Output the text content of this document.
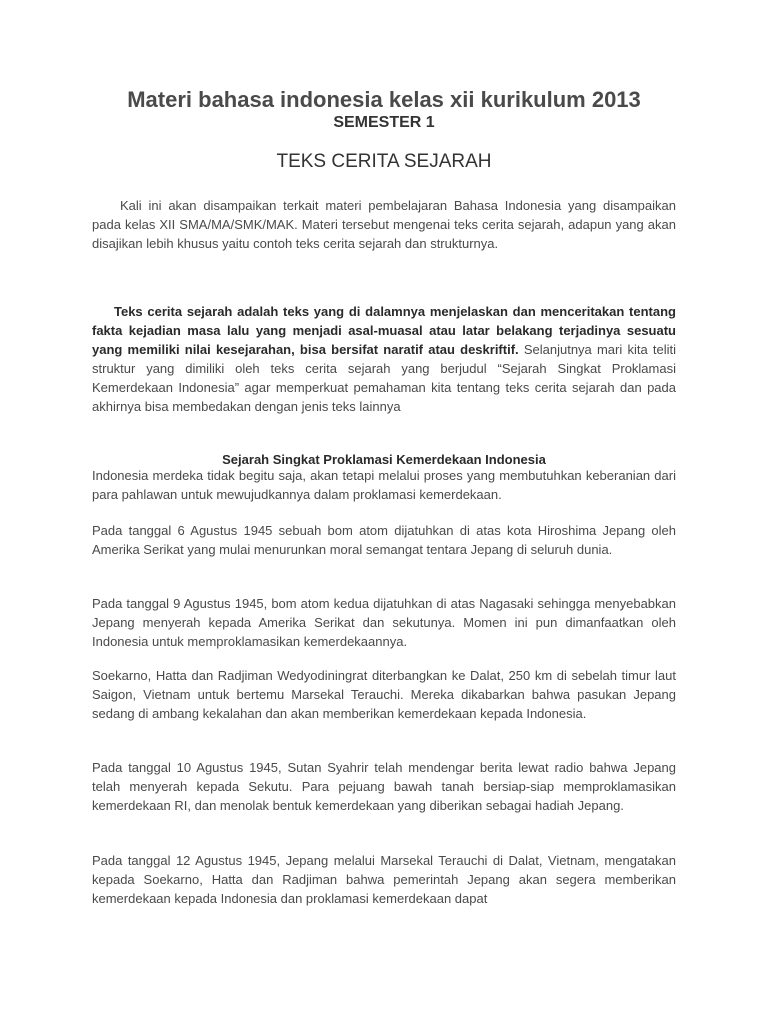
Materi bahasa indonesia kelas xii kurikulum 2013
SEMESTER 1
TEKS CERITA SEJARAH

Kali ini akan disampaikan terkait materi pembelajaran Bahasa Indonesia yang disampaikan pada kelas XII SMA/MA/SMK/MAK. Materi tersebut mengenai teks cerita sejarah, adapun yang akan disajikan lebih khusus yaitu contoh teks cerita sejarah dan strukturnya.

Teks cerita sejarah adalah teks yang di dalamnya menjelaskan dan menceritakan tentang fakta kejadian masa lalu yang menjadi asal-muasal atau latar belakang terjadinya sesuatu yang memiliki nilai kesejarahan, bisa bersifat naratif atau deskriftif. Selanjutnya mari kita teliti struktur yang dimiliki oleh teks cerita sejarah yang berjudul “Sejarah Singkat Proklamasi Kemerdekaan Indonesia” agar memperkuat pemahaman kita tentang teks cerita sejarah dan pada akhirnya bisa membedakan dengan jenis teks lainnya

Sejarah Singkat Proklamasi Kemerdekaan Indonesia

Indonesia merdeka tidak begitu saja, akan tetapi melalui proses yang membutuhkan keberanian dari para pahlawan untuk mewujudkannya dalam proklamasi kemerdekaan.

Pada tanggal 6 Agustus 1945 sebuah bom atom dijatuhkan di atas kota Hiroshima Jepang oleh Amerika Serikat yang mulai menurunkan moral semangat tentara Jepang di seluruh dunia.

Pada tanggal 9 Agustus 1945, bom atom kedua dijatuhkan di atas Nagasaki sehingga menyebabkan Jepang menyerah kepada Amerika Serikat dan sekutunya. Momen ini pun dimanfaatkan oleh Indonesia untuk memproklamasikan kemerdekaannya.

Soekarno, Hatta dan Radjiman Wedyodiningrat diterbangkan ke Dalat, 250 km di sebelah timur laut Saigon, Vietnam untuk bertemu Marsekal Terauchi. Mereka dikabarkan bahwa pasukan Jepang sedang di ambang kekalahan dan akan memberikan kemerdekaan kepada Indonesia.

Pada tanggal 10 Agustus 1945, Sutan Syahrir telah mendengar berita lewat radio bahwa Jepang telah menyerah kepada Sekutu. Para pejuang bawah tanah bersiap-siap memproklamasikan kemerdekaan RI, dan menolak bentuk kemerdekaan yang diberikan sebagai hadiah Jepang.

Pada tanggal 12 Agustus 1945, Jepang melalui Marsekal Terauchi di Dalat, Vietnam, mengatakan kepada Soekarno, Hatta dan Radjiman bahwa pemerintah Jepang akan segera memberikan kemerdekaan kepada Indonesia dan proklamasi kemerdekaan dapat
